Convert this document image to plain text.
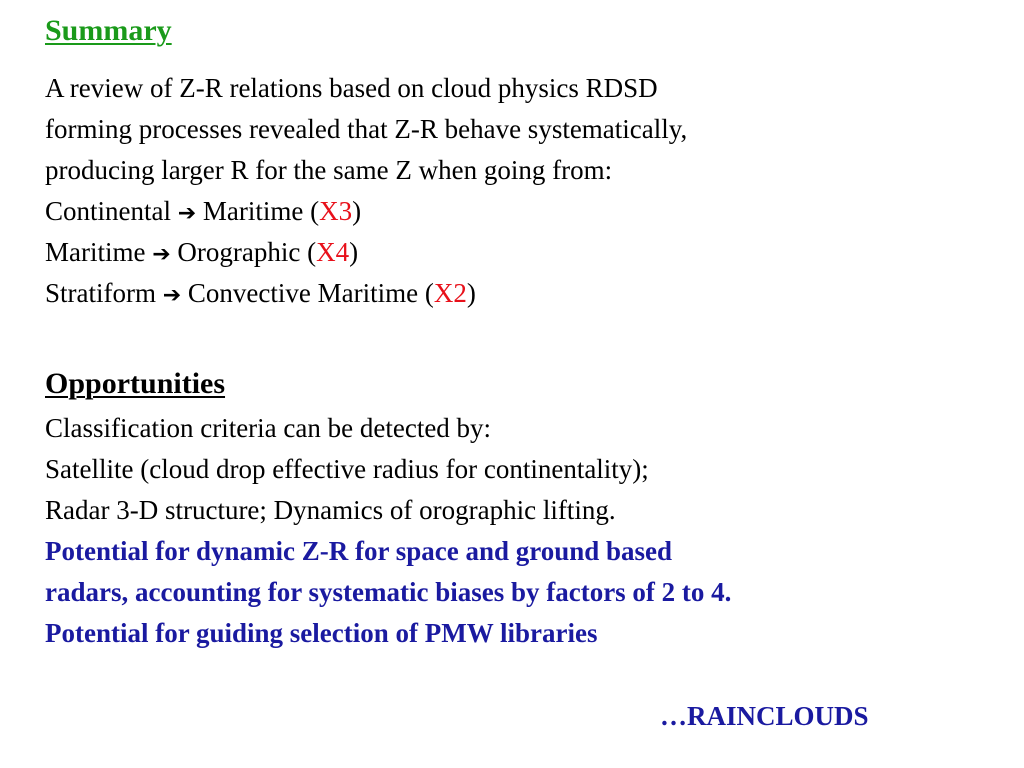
Summary
A review of Z-R relations based on cloud physics RDSD
forming processes revealed that Z-R behave systematically,
producing larger R for the same Z when going from:
Continental ➔ Maritime (X3)
Maritime ➔ Orographic (X4)
Stratiform ➔ Convective Maritime (X2)
Opportunities
Classification criteria can be detected by:
Satellite (cloud drop effective radius for continentality);
Radar 3-D structure; Dynamics of orographic lifting.
Potential for dynamic Z-R for space and ground based
radars, accounting for systematic biases by factors of 2 to 4.
Potential for guiding selection of PMW libraries
…RAINCLOUDS
